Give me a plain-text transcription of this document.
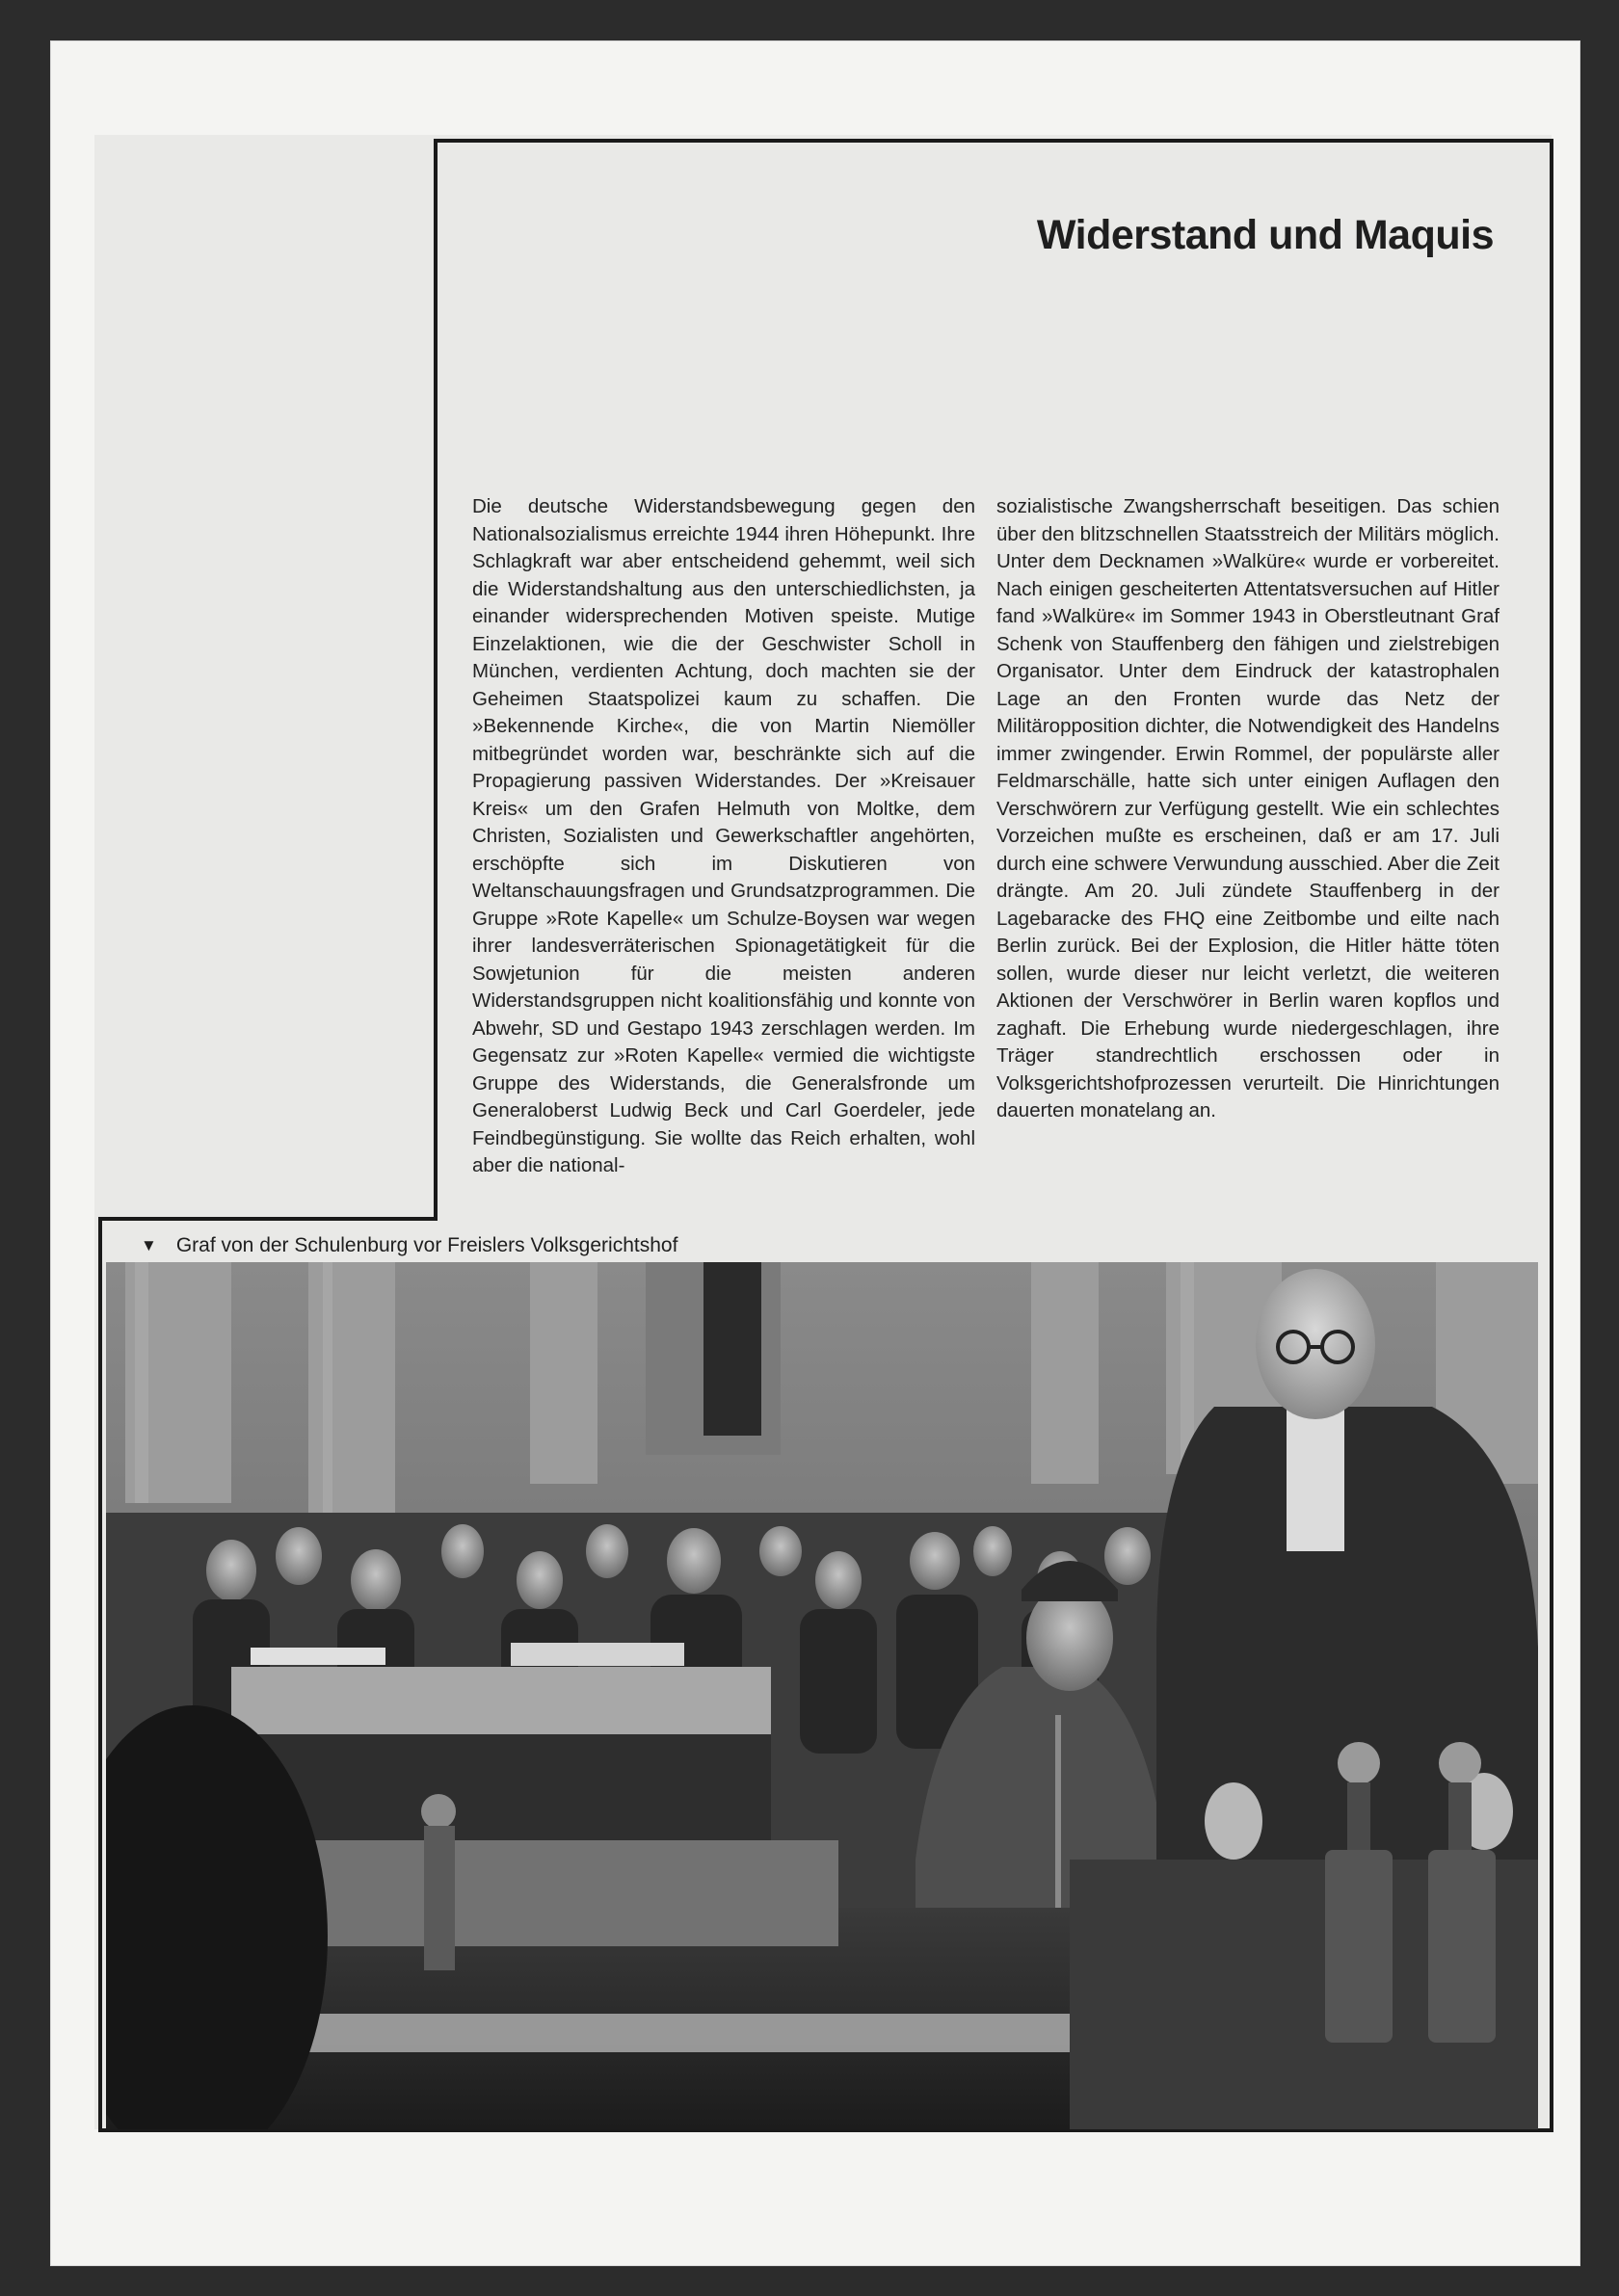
Widerstand und Maquis

Die deutsche Widerstandsbewegung gegen den Nationalsozialismus erreichte 1944 ihren Höhepunkt. Ihre Schlagkraft war aber entscheidend gehemmt, weil sich die Widerstandshaltung aus den unterschiedlichsten, ja einander widersprechenden Motiven speiste. Mutige Einzelaktionen, wie die der Geschwister Scholl in München, verdienten Achtung, doch machten sie der Geheimen Staatspolizei kaum zu schaffen. Die »Bekennende Kirche«, die von Martin Niemöller mitbegründet worden war, beschränkte sich auf die Propagierung passiven Widerstandes. Der »Kreisauer Kreis« um den Grafen Helmuth von Moltke, dem Christen, Sozialisten und Gewerkschaftler angehörten, erschöpfte sich im Diskutieren von Weltanschauungsfragen und Grundsatzprogrammen. Die Gruppe »Rote Kapelle« um Schulze-Boysen war wegen ihrer landesverräterischen Spionagetätigkeit für die Sowjetunion für die meisten anderen Widerstandsgruppen nicht koalitionsfähig und konnte von Abwehr, SD und Gestapo 1943 zerschlagen werden. Im Gegensatz zur »Roten Kapelle« vermied die wichtigste Gruppe des Widerstands, die Generalsfronde um Generaloberst Ludwig Beck und Carl Goerdeler, jede Feindbegünstigung. Sie wollte das Reich erhalten, wohl aber die national-

sozialistische Zwangsherrschaft beseitigen. Das schien über den blitzschnellen Staatsstreich der Militärs möglich. Unter dem Decknamen »Walküre« wurde er vorbereitet. Nach einigen gescheiterten Attentatsversuchen auf Hitler fand »Walküre« im Sommer 1943 in Oberstleutnant Graf Schenk von Stauffenberg den fähigen und zielstrebigen Organisator. Unter dem Eindruck der katastrophalen Lage an den Fronten wurde das Netz der Militäropposition dichter, die Notwendigkeit des Handelns immer zwingender. Erwin Rommel, der populärste aller Feldmarschälle, hatte sich unter einigen Auflagen den Verschwörern zur Verfügung gestellt. Wie ein schlechtes Vorzeichen mußte es erscheinen, daß er am 17. Juli durch eine schwere Verwundung ausschied. Aber die Zeit drängte. Am 20. Juli zündete Stauffenberg in der Lagebaracke des FHQ eine Zeitbombe und eilte nach Berlin zurück. Bei der Explosion, die Hitler hätte töten sollen, wurde dieser nur leicht verletzt, die weiteren Aktionen der Verschwörer in Berlin waren kopflos und zaghaft. Die Erhebung wurde niedergeschlagen, ihre Träger standrechtlich erschossen oder in Volksgerichtshofprozessen verurteilt. Die Hinrichtungen dauerten monatelang an.

▼ Graf von der Schulenburg vor Freislers Volksgerichtshof
